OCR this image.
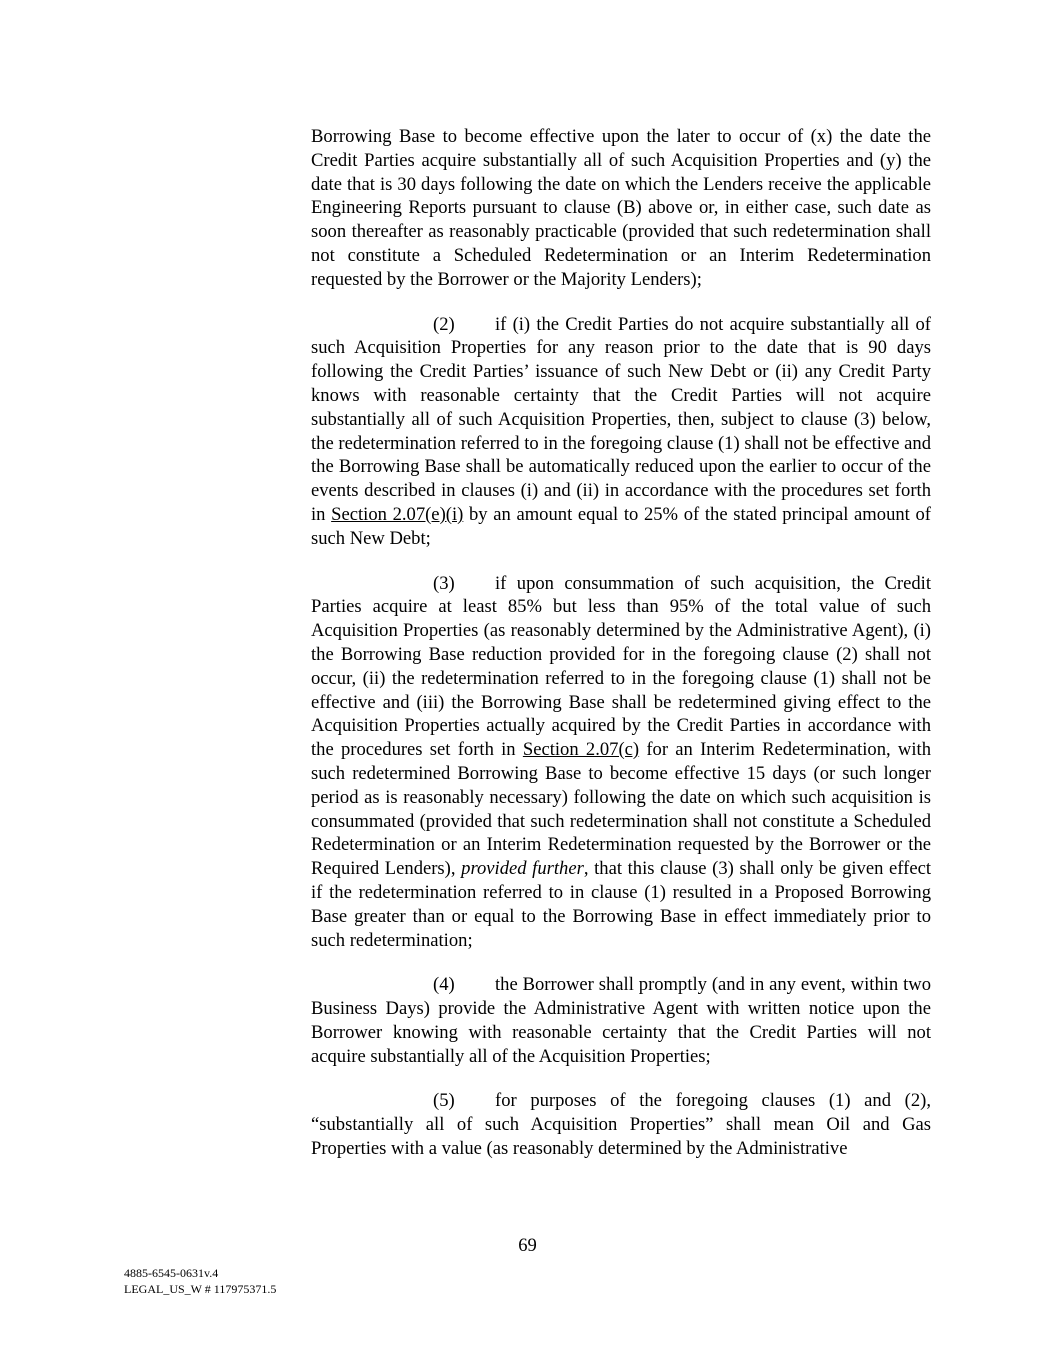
Borrowing Base to become effective upon the later to occur of (x) the date the Credit Parties acquire substantially all of such Acquisition Properties and (y) the date that is 30 days following the date on which the Lenders receive the applicable Engineering Reports pursuant to clause (B) above or, in either case, such date as soon thereafter as reasonably practicable (provided that such redetermination shall not constitute a Scheduled Redetermination or an Interim Redetermination requested by the Borrower or the Majority Lenders);

(2) if (i) the Credit Parties do not acquire substantially all of such Acquisition Properties for any reason prior to the date that is 90 days following the Credit Parties’ issuance of such New Debt or (ii) any Credit Party knows with reasonable certainty that the Credit Parties will not acquire substantially all of such Acquisition Properties, then, subject to clause (3) below, the redetermination referred to in the foregoing clause (1) shall not be effective and the Borrowing Base shall be automatically reduced upon the earlier to occur of the events described in clauses (i) and (ii) in accordance with the procedures set forth in Section 2.07(e)(i) by an amount equal to 25% of the stated principal amount of such New Debt;

(3) if upon consummation of such acquisition, the Credit Parties acquire at least 85% but less than 95% of the total value of such Acquisition Properties (as reasonably determined by the Administrative Agent), (i) the Borrowing Base reduction provided for in the foregoing clause (2) shall not occur, (ii) the redetermination referred to in the foregoing clause (1) shall not be effective and (iii) the Borrowing Base shall be redetermined giving effect to the Acquisition Properties actually acquired by the Credit Parties in accordance with the procedures set forth in Section 2.07(c) for an Interim Redetermination, with such redetermined Borrowing Base to become effective 15 days (or such longer period as is reasonably necessary) following the date on which such acquisition is consummated (provided that such redetermination shall not constitute a Scheduled Redetermination or an Interim Redetermination requested by the Borrower or the Required Lenders), provided further, that this clause (3) shall only be given effect if the redetermination referred to in clause (1) resulted in a Proposed Borrowing Base greater than or equal to the Borrowing Base in effect immediately prior to such redetermination;

(4) the Borrower shall promptly (and in any event, within two Business Days) provide the Administrative Agent with written notice upon the Borrower knowing with reasonable certainty that the Credit Parties will not acquire substantially all of the Acquisition Properties;

(5) for purposes of the foregoing clauses (1) and (2), “substantially all of such Acquisition Properties” shall mean Oil and Gas Properties with a value (as reasonably determined by the Administrative

69
4885-6545-0631v.4
LEGAL_US_W # 117975371.5
